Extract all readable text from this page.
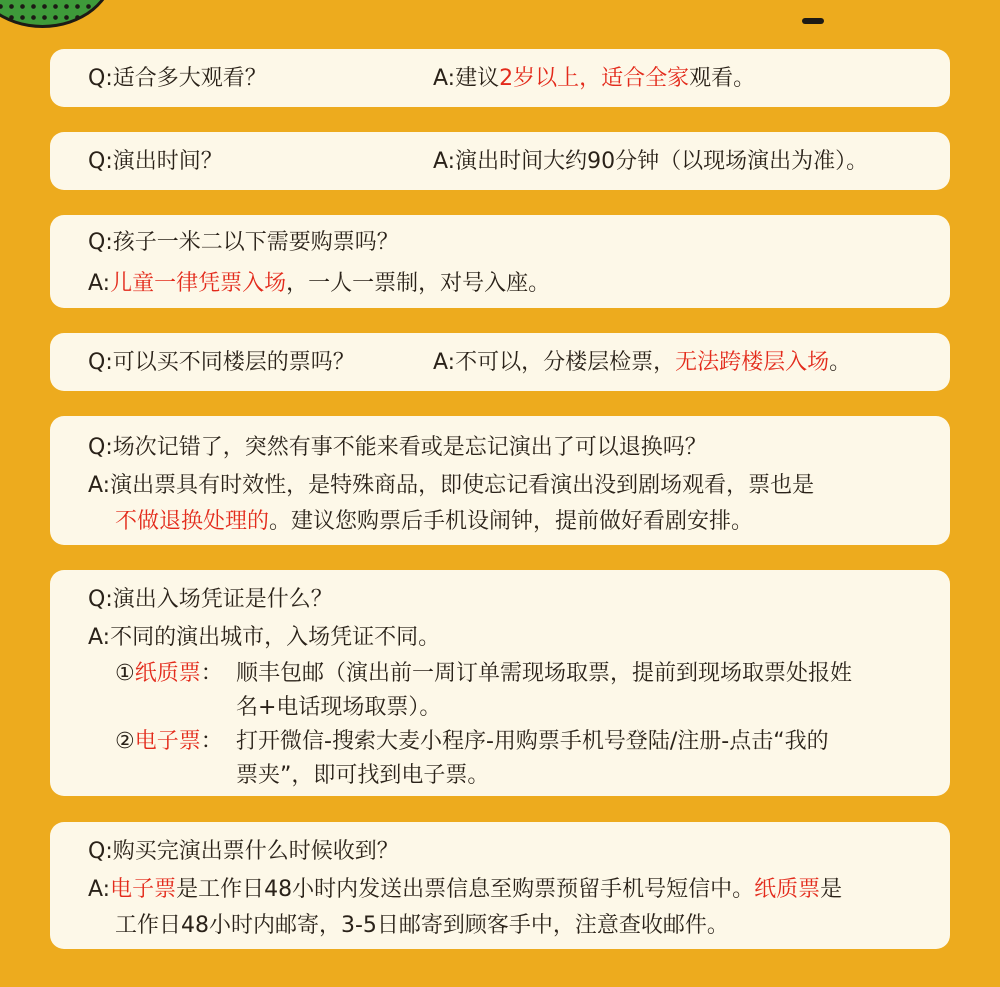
Q:适合多大观看？	A:建议2岁以上，适合全家观看。
Q:演出时间？	A:演出时间大约90分钟（以现场演出为准）。
Q:孩子一米二以下需要购票吗？
A:儿童一律凭票入场，一人一票制，对号入座。
Q:可以买不同楼层的票吗？	A:不可以，分楼层检票，无法跨楼层入场。
Q:场次记错了，突然有事不能来看或是忘记演出了可以退换吗？
A:演出票具有时效性，是特殊商品，即使忘记看演出没到剧场观看，票也是
不做退换处理的。建议您购票后手机设闹钟，提前做好看剧安排。
Q:演出入场凭证是什么？
A:不同的演出城市，入场凭证不同。
①纸质票： 顺丰包邮（演出前一周订单需现场取票，提前到现场取票处报姓
名+电话现场取票）。
②电子票： 打开微信-搜索大麦小程序-用购票手机号登陆/注册-点击“我的
票夹”，即可找到电子票。
Q:购买完演出票什么时候收到？
A:电子票是工作日48小时内发送出票信息至购票预留手机号短信中。纸质票是
工作日48小时内邮寄，3-5日邮寄到顾客手中，注意查收邮件。
